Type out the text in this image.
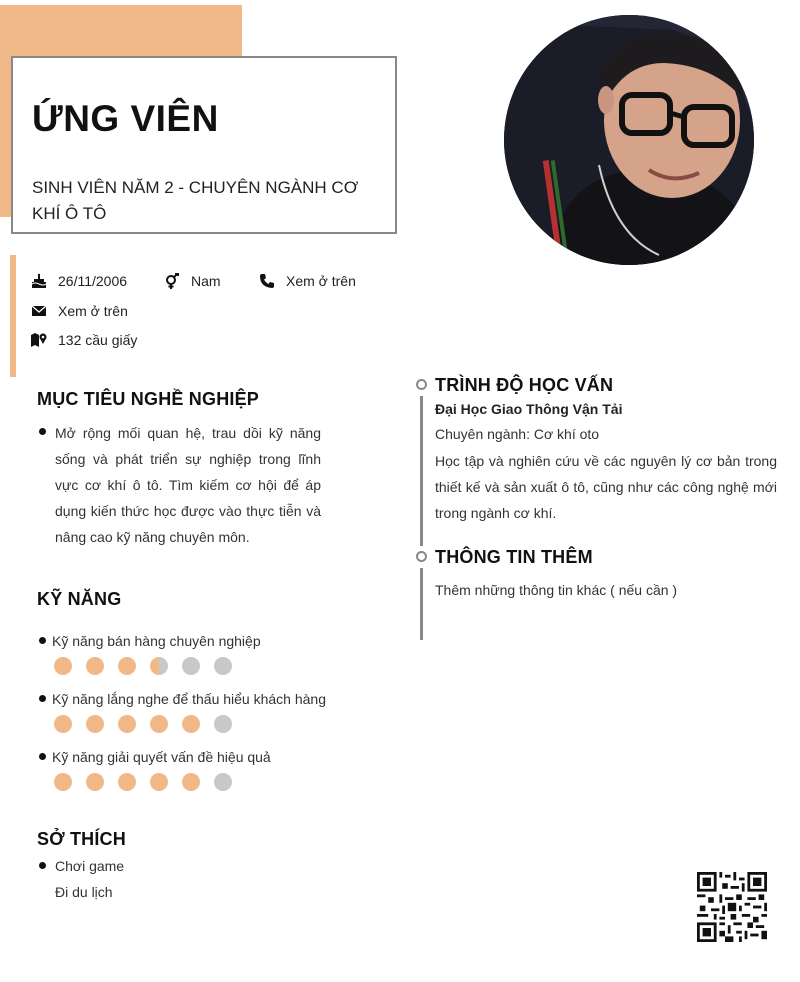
ỨNG VIÊN
SINH VIÊN NĂM 2 - CHUYÊN NGÀNH CƠ KHÍ Ô TÔ
26/11/2006	Nam	Xem ở trên
Xem ở trên
132 cầu giấy
MỤC TIÊU NGHỀ NGHIỆP
Mở rộng mối quan hệ, trau dồi kỹ năng sống và phát triển sự nghiệp trong lĩnh vực cơ khí ô tô. Tìm kiếm cơ hội để áp dụng kiến thức học được vào thực tiễn và nâng cao kỹ năng chuyên môn.
KỸ NĂNG
Kỹ năng bán hàng chuyên nghiệp
Kỹ năng lắng nghe để thấu hiểu khách hàng
Kỹ năng giải quyết vấn đề hiệu quả
SỞ THÍCH
Chơi game
Đi du lịch
TRÌNH ĐỘ HỌC VẤN
Đại Học Giao Thông Vận Tải
Chuyên ngành: Cơ khí oto
Học tập và nghiên cứu về các nguyên lý cơ bản trong thiết kế và sản xuất ô tô, cũng như các công nghệ mới trong ngành cơ khí.
THÔNG TIN THÊM
Thêm những thông tin khác ( nếu cần )
